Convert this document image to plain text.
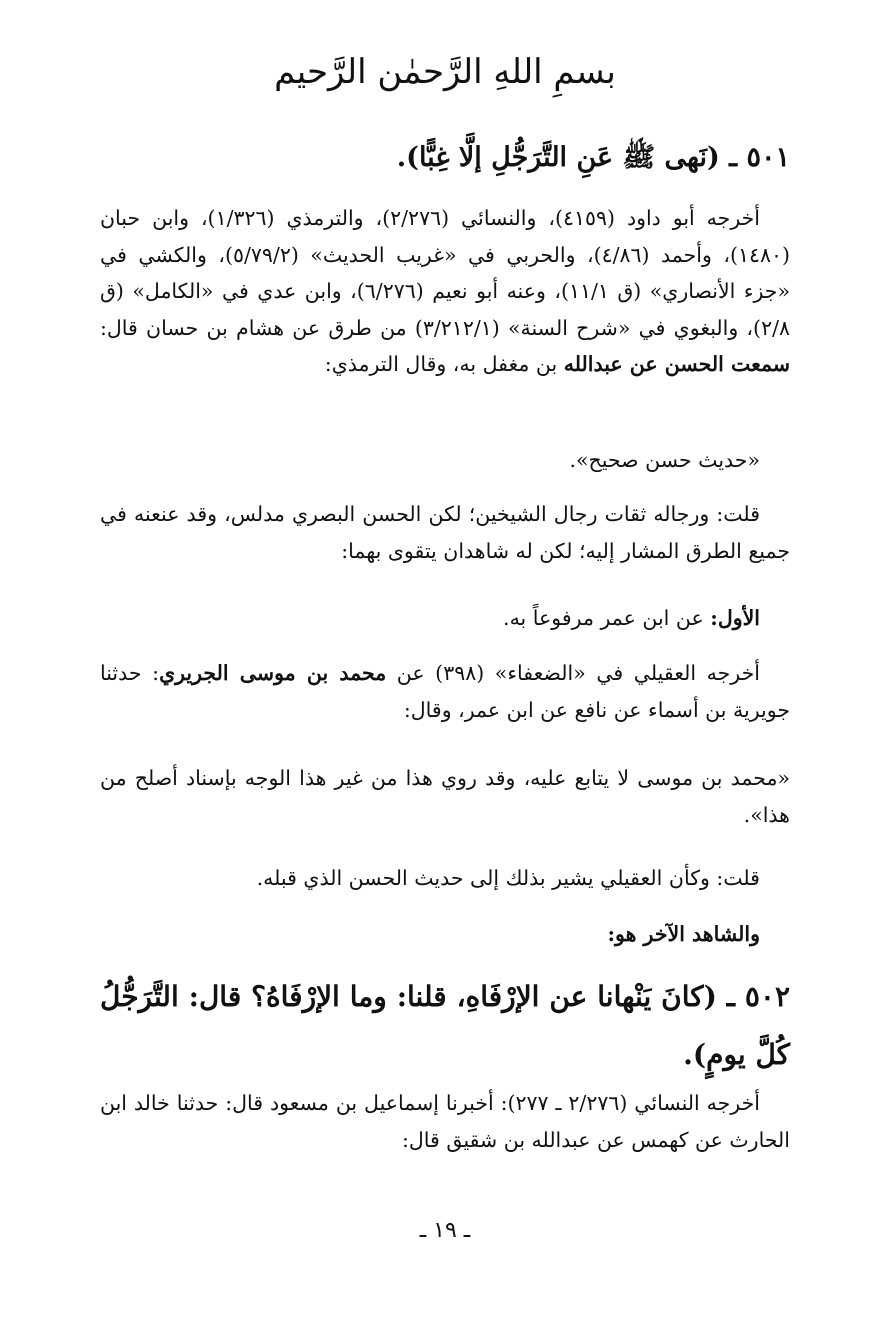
بسمِ اللهِ الرَّحمٰن الرَّحيم

٥٠١ ـ (نَهى ﷺ عَنِ التَّرَجُّلِ إلَّا غِبًّا).

أخرجه أبو داود (٤١٥٩)، والنسائي (٢/٢٧٦)، والترمذي (١/٣٢٦)، وابن حبان (١٤٨٠)، وأحمد (٤/٨٦)، والحربي في «غريب الحديث» (٥/٧٩/٢)، والكشي في «جزء الأنصاري» (ق ١١/١)، وعنه أبو نعيم (٦/٢٧٦)، وابن عدي في «الكامل» (ق ٢/٨)، والبغوي في «شرح السنة» (٣/٢١٢/١) من طرق عن هشام بن حسان قال: سمعت الحسن عن عبدالله بن مغفل به، وقال الترمذي:

«حديث حسن صحيح».

قلت: ورجاله ثقات رجال الشيخين؛ لكن الحسن البصري مدلس، وقد عنعنه في جميع الطرق المشار إليه؛ لكن له شاهدان يتقوى بهما:

الأول: عن ابن عمر مرفوعاً به.

أخرجه العقيلي في «الضعفاء» (٣٩٨) عن محمد بن موسى الجريري: حدثنا جويرية بن أسماء عن نافع عن ابن عمر، وقال:

«محمد بن موسى لا يتابع عليه، وقد روي هذا من غير هذا الوجه بإسناد أصلح من هذا».

قلت: وكأن العقيلي يشير بذلك إلى حديث الحسن الذي قبله.

والشاهد الآخر هو:

٥٠٢ ـ (كانَ يَنْهانا عن الإرْفَاهِ، قلنا: وما الإرْفَاهُ؟ قال: التَّرَجُّلُ كُلَّ يومٍ).

أخرجه النسائي (٢/٢٧٦ ـ ٢٧٧): أخبرنا إسماعيل بن مسعود قال: حدثنا خالد ابن الحارث عن كهمس عن عبدالله بن شقيق قال:

ـ ١٩ ـ
